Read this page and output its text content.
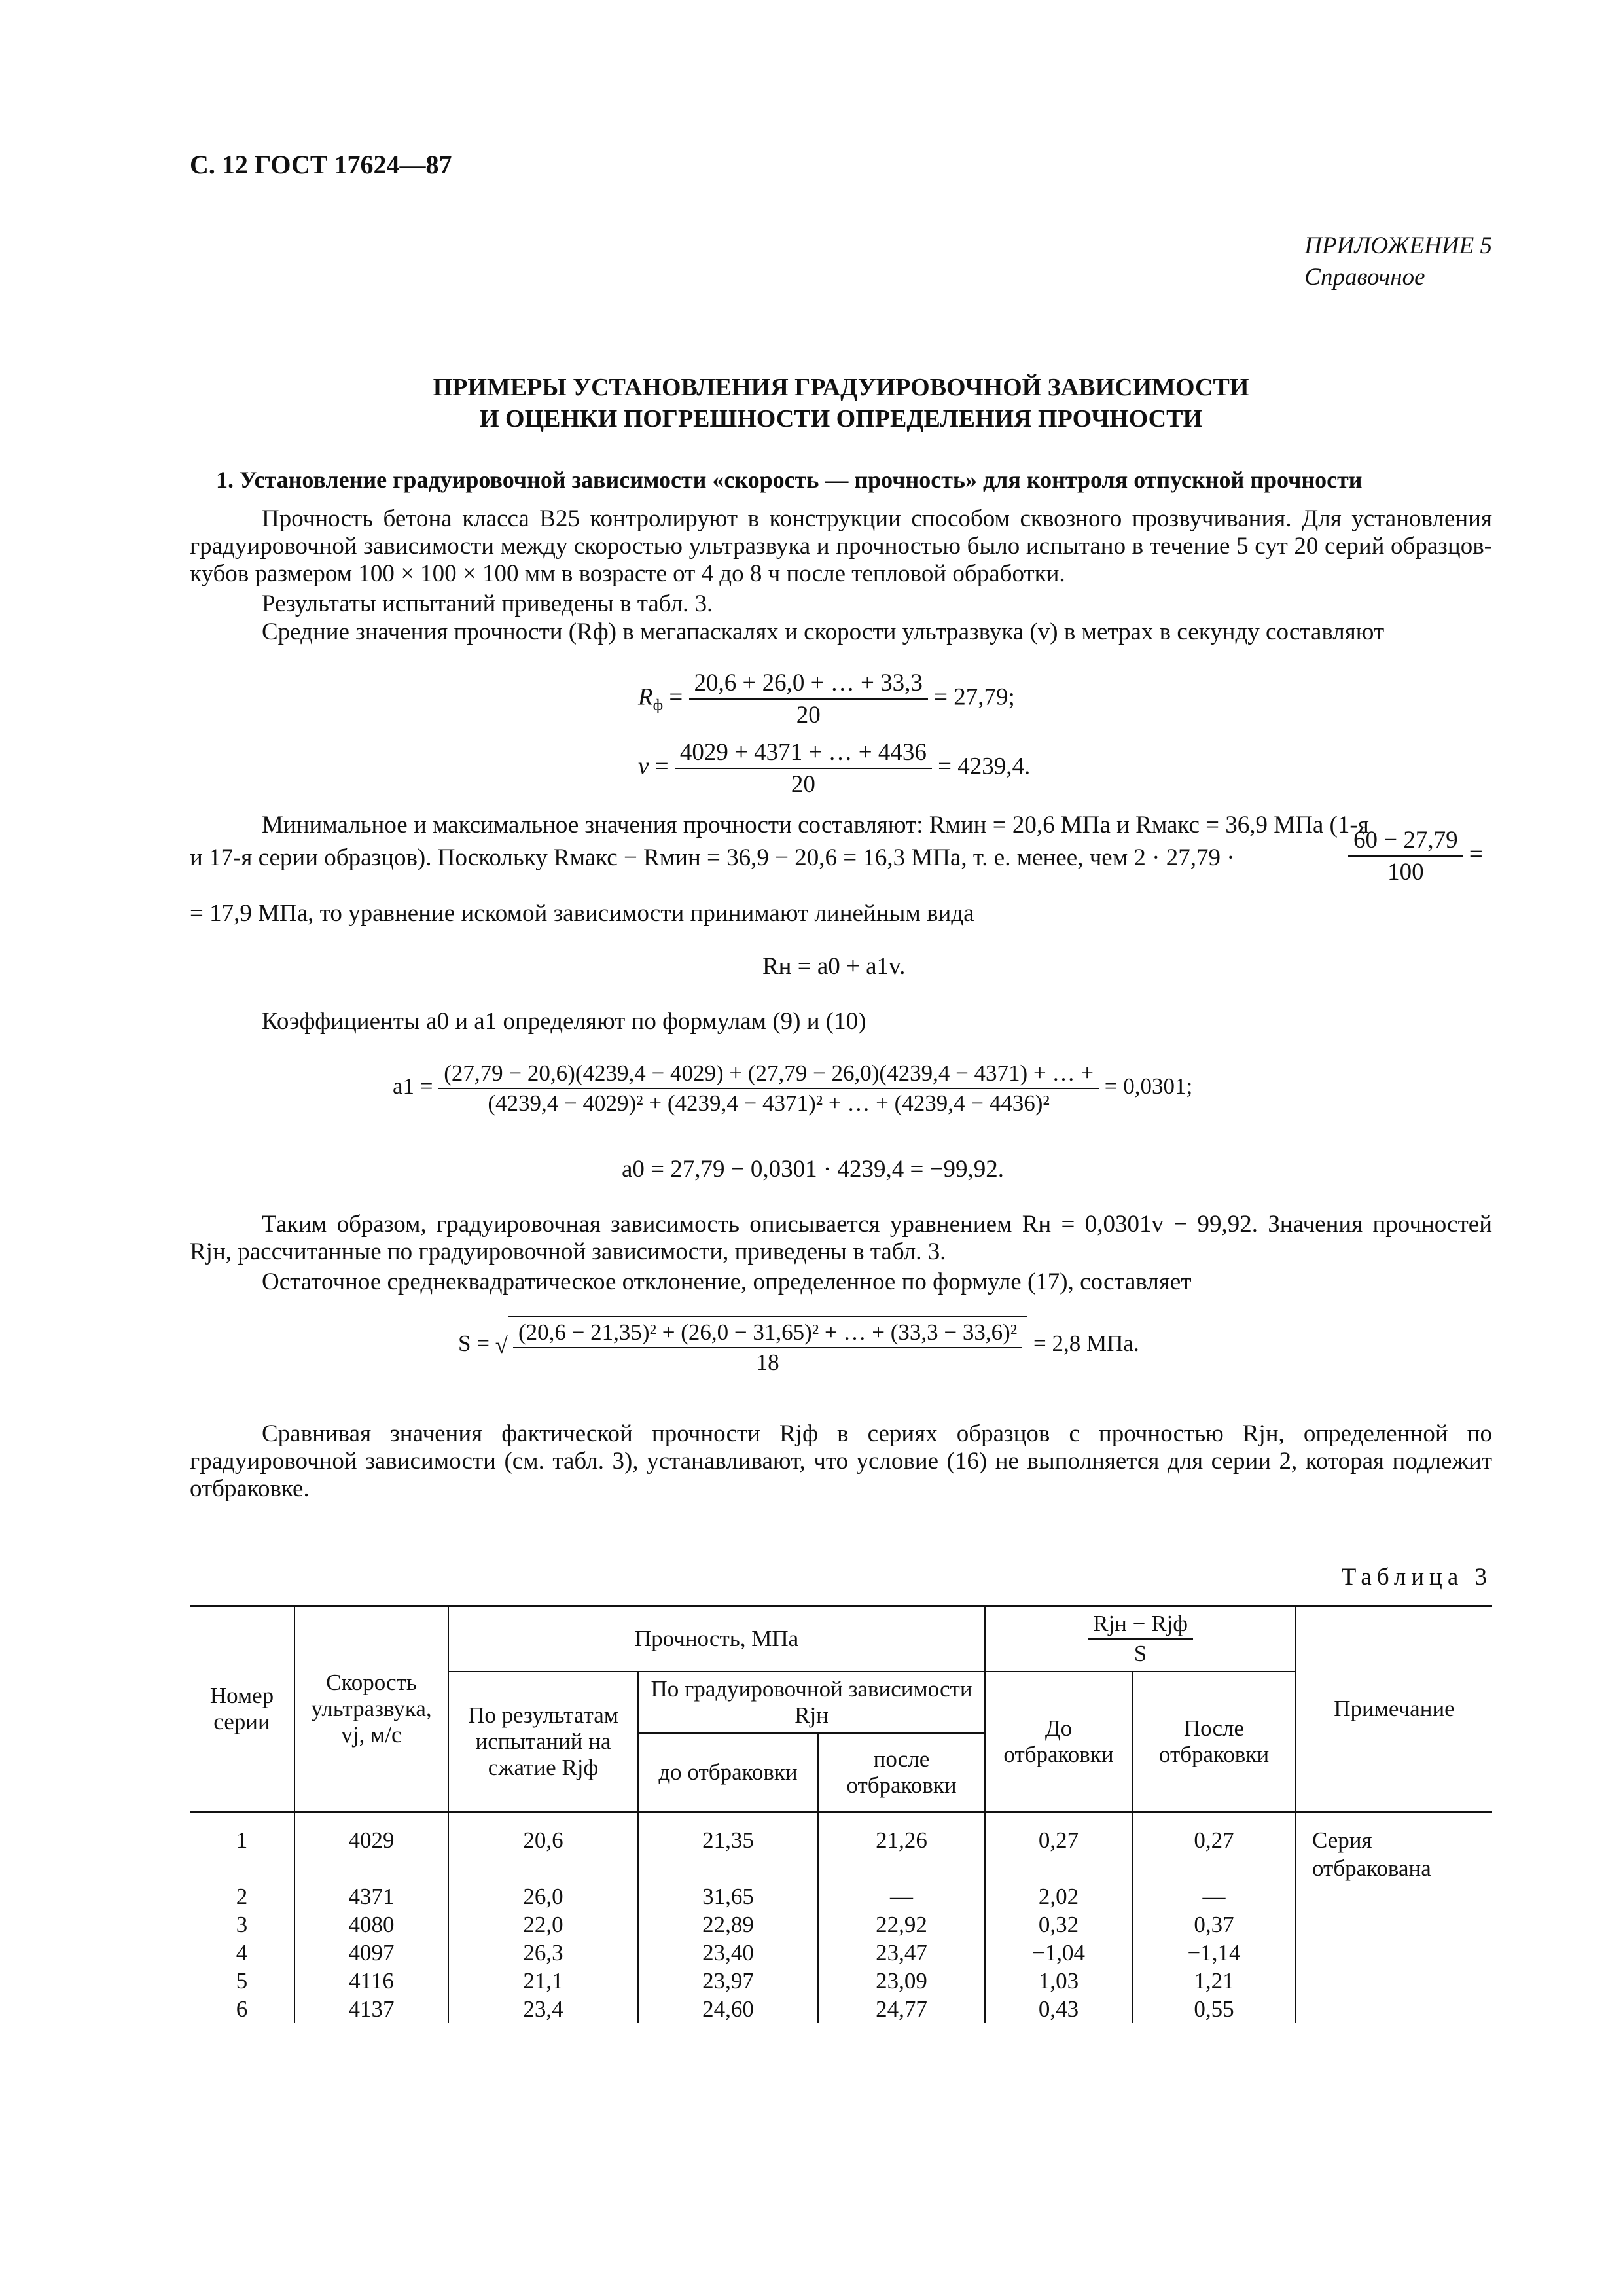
С. 12 ГОСТ 17624—87
ПРИЛОЖЕНИЕ 5

Справочное
ПРИМЕРЫ УСТАНОВЛЕНИЯ ГРАДУИРОВОЧНОЙ ЗАВИСИМОСТИ
И ОЦЕНКИ ПОГРЕШНОСТИ ОПРЕДЕЛЕНИЯ ПРОЧНОСТИ
1. Установление градуировочной зависимости «скорость — прочность» для контроля отпускной прочности
Прочность бетона класса В25 контролируют в конструкции способом сквозного прозвучивания. Для установления градуировочной зависимости между скоростью ультразвука и прочностью было испытано в течение 5 сут 20 серий образцов-кубов размером 100 × 100 × 100 мм в возрасте от 4 до 8 ч после тепловой обработки.
Результаты испытаний приведены в табл. 3.
Средние значения прочности (Rф) в мегапаскалях и скорости ультразвука (v) в метрах в секунду составляют
$R_ф = \frac{20,6 + 26,0 + \dots + 33,3}{20} = 27,79$;
$v = \frac{4029 + 4371 + \dots + 4436}{20} = 4239,4$.
Минимальное и максимальное значения прочности составляют: Rмин = 20,6 МПа и Rмакс = 36,9 МПа (1-я
и 17-я серии образцов). Поскольку Rмакс − Rмин = 36,9 − 20,6 = 16,3 МПа, т. е. менее, чем 2 · 27,79 ·	$\frac{60 - 27,79}{100}$ =
= 17,9 МПа, то уравнение искомой зависимости принимают линейным вида
Rн = a0 + a1v.
Коэффициенты a0 и a1 определяют по формулам (9) и (10)
a1 =
(27,79 − 20,6)(4239,4 − 4029) + (27,79 − 26,0)(4239,4 − 4371) + … +
(4239,4 − 4029)² + (4239,4 − 4371)² + … + (4239,4 − 4436)²
= 0,0301;
a0 = 27,79 − 0,0301 · 4239,4 = −99,92.
Таким образом, градуировочная зависимость описывается уравнением Rн = 0,0301v − 99,92. Значения прочностей Rjн, рассчитанные по градуировочной зависимости, приведены в табл. 3.
Остаточное среднеквадратическое отклонение, определенное по формуле (17), составляет
S = √ $\frac{\text{(20,6 − 21,35)² + (26,0 − 31,65)² + … + (33,3 − 33,6)²}}{18} = 2,8$ МПа.
Сравнивая значения фактической прочности Rjф в сериях образцов с прочностью Rjн, определенной по градуировочной зависимости (см. табл. 3), устанавливают, что условие (16) не выполняется для серии 2, которая подлежит отбраковке.
Таблица 3
Номер серии	Скорость ультразвука, vj, м/с	Прочность, МПа			$\frac{\text{Rjн − Rjф}}{S}$		Примечание
		По результатам испытаний на сжатие Rjф	По градуировочной зависимости Rjн		До отбраковки	После отбраковки	
			до отбраковки	после отбраковки			
1	4029	20,6	21,35	21,26	0,27	0,27	Серия отбракована
2	4371	26,0	31,65	—	2,02	—	
3	4080	22,0	22,89	22,92	0,32	0,37	
4	4097	26,3	23,40	23,47	−1,04	−1,14	
5	4116	21,1	23,97	23,09	1,03	1,21	
6	4137	23,4	24,60	24,77	0,43	0,55	
